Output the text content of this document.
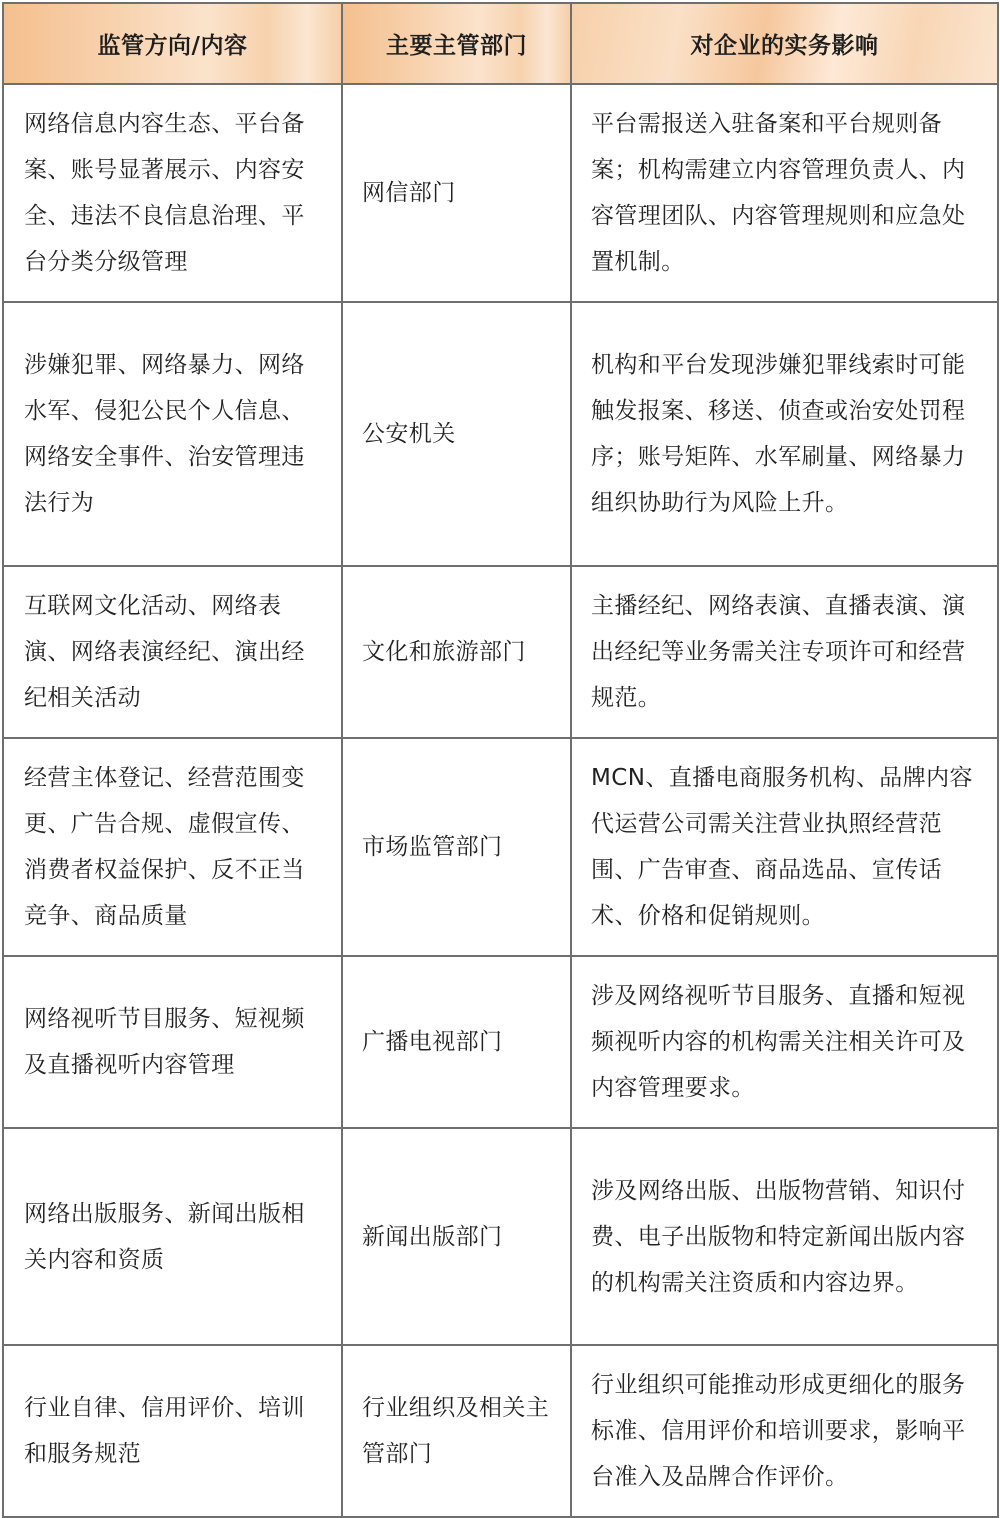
监管方向/内容	主要主管部门	对企业的实务影响
网络信息内容生态、平台备案、账号显著展示、内容安全、违法不良信息治理、平台分类分级管理	网信部门	平台需报送入驻备案和平台规则备案；机构需建立内容管理负责人、内容管理团队、内容管理规则和应急处置机制。
涉嫌犯罪、网络暴力、网络水军、侵犯公民个人信息、网络安全事件、治安管理违法行为	公安机关	机构和平台发现涉嫌犯罪线索时可能触发报案、移送、侦查或治安处罚程序；账号矩阵、水军刷量、网络暴力组织协助行为风险上升。
互联网文化活动、网络表演、网络表演经纪、演出经纪相关活动	文化和旅游部门	主播经纪、网络表演、直播表演、演出经纪等业务需关注专项许可和经营规范。
经营主体登记、经营范围变更、广告合规、虚假宣传、消费者权益保护、反不正当竞争、商品质量	市场监管部门	MCN、直播电商服务机构、品牌内容代运营公司需关注营业执照经营范围、广告审查、商品选品、宣传话术、价格和促销规则。
网络视听节目服务、短视频及直播视听内容管理	广播电视部门	涉及网络视听节目服务、直播和短视频视听内容的机构需关注相关许可及内容管理要求。
网络出版服务、新闻出版相关内容和资质	新闻出版部门	涉及网络出版、出版物营销、知识付费、电子出版物和特定新闻出版内容的机构需关注资质和内容边界。
行业自律、信用评价、培训和服务规范	行业组织及相关主管部门	行业组织可能推动形成更细化的服务标准、信用评价和培训要求，影响平台准入及品牌合作评价。
